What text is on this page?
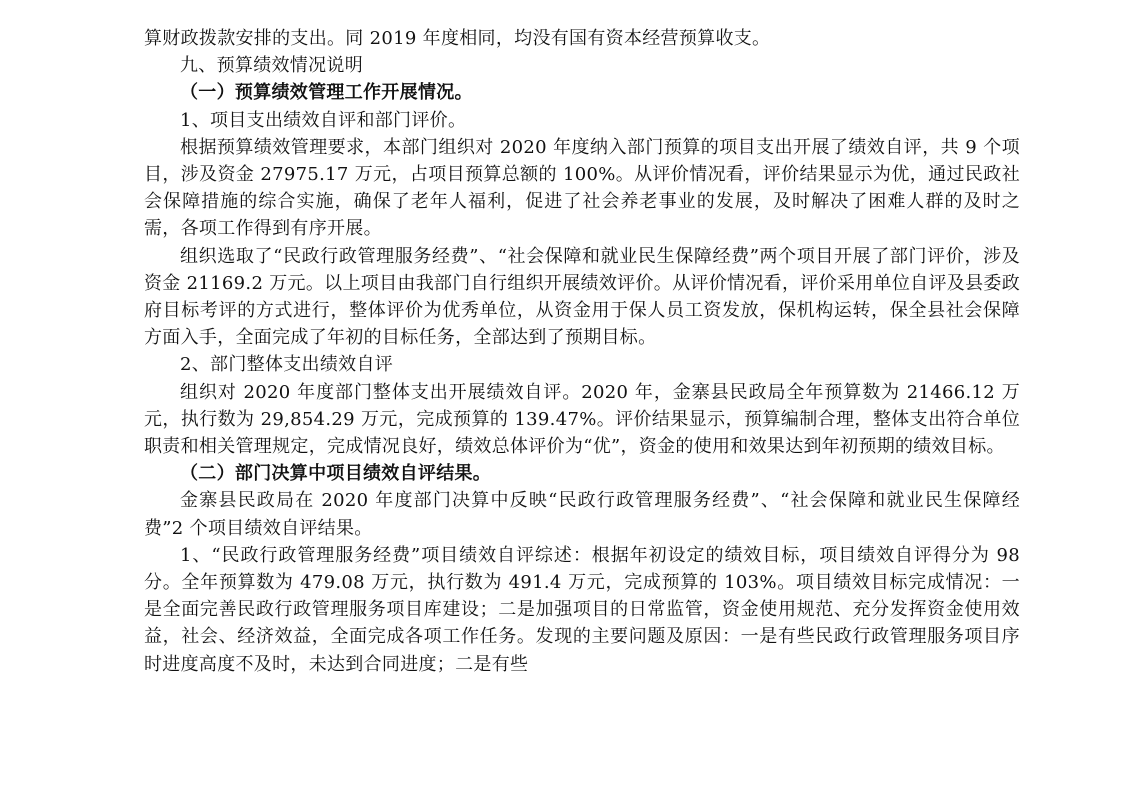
算财政拨款安排的支出。同 2019 年度相同，均没有国有资本经营预算收支。

九、预算绩效情况说明

（一）预算绩效管理工作开展情况。

1、项目支出绩效自评和部门评价。

根据预算绩效管理要求，本部门组织对 2020 年度纳入部门预算的项目支出开展了绩效自评，共 9 个项目，涉及资金 27975.17 万元，占项目预算总额的 100%。从评价情况看，评价结果显示为优，通过民政社会保障措施的综合实施，确保了老年人福利，促进了社会养老事业的发展，及时解决了困难人群的及时之需，各项工作得到有序开展。

组织选取了“民政行政管理服务经费”、“社会保障和就业民生保障经费”两个项目开展了部门评价，涉及资金 21169.2 万元。以上项目由我部门自行组织开展绩效评价。从评价情况看，评价采用单位自评及县委政府目标考评的方式进行，整体评价为优秀单位，从资金用于保人员工资发放，保机构运转，保全县社会保障方面入手，全面完成了年初的目标任务，全部达到了预期目标。

2、部门整体支出绩效自评

组织对 2020 年度部门整体支出开展绩效自评。2020 年，金寨县民政局全年预算数为 21466.12 万元，执行数为 29,854.29 万元，完成预算的 139.47%。评价结果显示，预算编制合理，整体支出符合单位职责和相关管理规定，完成情况良好，绩效总体评价为“优”，资金的使用和效果达到年初预期的绩效目标。

（二）部门决算中项目绩效自评结果。

金寨县民政局在 2020 年度部门决算中反映“民政行政管理服务经费”、“社会保障和就业民生保障经费”2 个项目绩效自评结果。

1、“民政行政管理服务经费”项目绩效自评综述：根据年初设定的绩效目标，项目绩效自评得分为 98 分。全年预算数为 479.08 万元，执行数为 491.4 万元，完成预算的 103%。项目绩效目标完成情况：一是全面完善民政行政管理服务项目库建设；二是加强项目的日常监管，资金使用规范、充分发挥资金使用效益，社会、经济效益，全面完成各项工作任务。发现的主要问题及原因：一是有些民政行政管理服务项目序时进度高度不及时，未达到合同进度；二是有些
